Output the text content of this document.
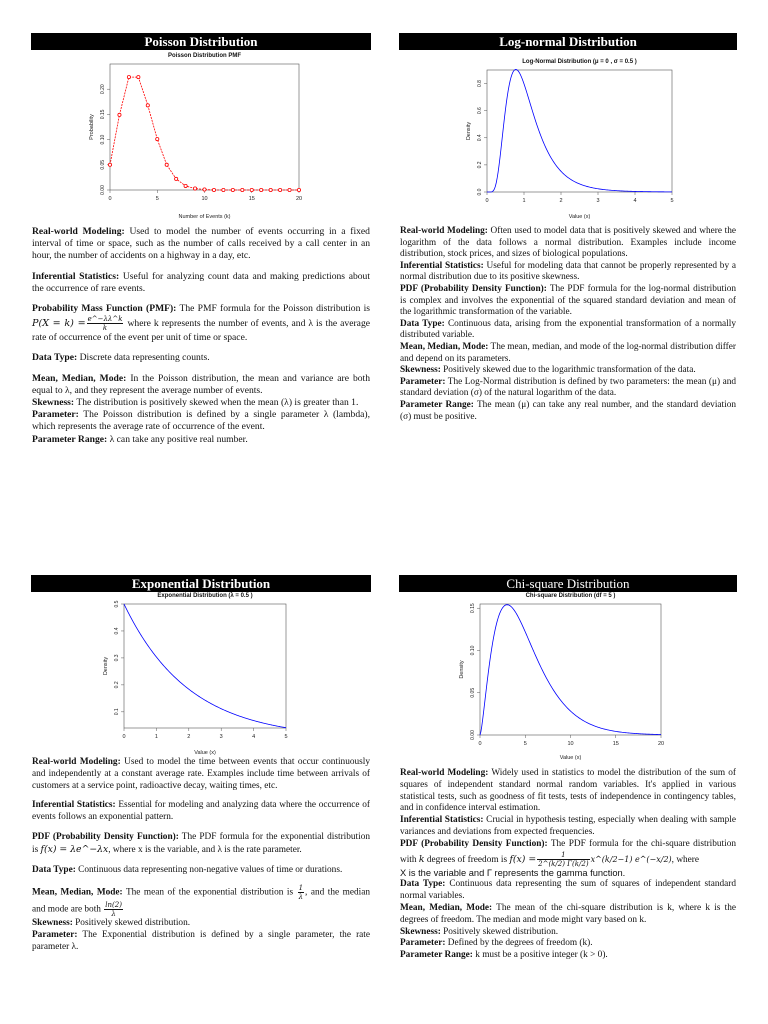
Poisson Distribution
Poisson Distribution PMF
0	5	10	15	20
0.00
0.05
0.10
0.15
0.20
Number of Events (k)
Probability

Real-world Modeling: Used to model the number of events occurring in a fixed interval of time or space, such as the number of calls received by a call center in an hour, the number of accidents on a highway in a day, etc.

Inferential Statistics: Useful for analyzing count data and making predictions about the occurrence of rare events.

Probability Mass Function (PMF): The PMF formula for the Poisson distribution is $P(X = k) = \frac{e\^{}-\lambda\lambda\^{}k}{k}$ where k represents the number of events, and λ is the average rate of occurrence of the event per unit of time or space.

Data Type: Discrete data representing counts.

Mean, Median, Mode: In the Poisson distribution, the mean and variance are both equal to λ, and they represent the average number of events.

Skewness: The distribution is positively skewed when the mean (λ) is greater than 1.

Parameter: The Poisson distribution is defined by a single parameter λ (lambda), which represents the average rate of occurrence of the event.

Parameter Range: λ can take any positive real number.

Log-normal Distribution
Log-Normal Distribution (μ = 0 , σ = 0.5 )
0	1	2	3	4	5
0.0
0.2
0.4
0.6
0.8
Value (x)
Density

Real-world Modeling: Often used to model data that is positively skewed and where the logarithm of the data follows a normal distribution. Examples include income distribution, stock prices, and sizes of biological populations.

Inferential Statistics: Useful for modeling data that cannot be properly represented by a normal distribution due to its positive skewness.

PDF (Probability Density Function): The PDF formula for the log-normal distribution is complex and involves the exponential of the squared standard deviation and mean of the logarithmic transformation of the variable.

Data Type: Continuous data, arising from the exponential transformation of a normally distributed variable.

Mean, Median, Mode: The mean, median, and mode of the log-normal distribution differ and depend on its parameters.

Skewness: Positively skewed due to the logarithmic transformation of the data.

Parameter: The Log-Normal distribution is defined by two parameters: the mean (μ) and standard deviation (σ) of the natural logarithm of the data.

Parameter Range: The mean (μ) can take any real number, and the standard deviation (σ) must be positive.

Exponential Distribution
Exponential Distribution (λ = 0.5 )
0	1	2	3	4	5
0.1
0.2
0.3
0.4
0.5
Value (x)
Density

Real-world Modeling: Used to model the time between events that occur continuously and independently at a constant average rate. Examples include time between arrivals of customers at a service point, radioactive decay, waiting times, etc.

Inferential Statistics: Essential for modeling and analyzing data where the occurrence of events follows an exponential pattern.

PDF (Probability Density Function): The PDF formula for the exponential distribution is f(x) = λe^−λx, where x is the variable, and λ is the rate parameter.

Data Type: Continuous data representing non-negative values of time or durations.

Mean, Median, Mode: The mean of the exponential distribution is $\frac{1}{\lambda}$ , and the median and mode are both $\frac{\ln(2)}{\lambda}$

Skewness: Positively skewed distribution.

Parameter: The Exponential distribution is defined by a single parameter, the rate parameter λ.

Chi-square Distribution
Chi-square Distribution (df = 5 )
0	5	10	15	20
0.00
0.05
0.10
0.15
Value (x)
Density

Real-world Modeling: Widely used in statistics to model the distribution of the sum of squares of independent standard normal random variables. It's applied in various statistical tests, such as goodness of fit tests, tests of independence in contingency tables, and in confidence interval estimation.

Inferential Statistics: Crucial in hypothesis testing, especially when dealing with sample variances and deviations from expected frequencies.

PDF (Probability Density Function): The PDF formula for the chi-square distribution with k degrees of freedom is $f(x) = \frac{1}{2\^{}(k/2) \Gamma(k/2)}$ x^(k/2−1) e^(−x/2), where

X is the variable and Γ represents the gamma function.

Data Type: Continuous data representing the sum of squares of independent standard normal variables.

Mean, Median, Mode: The mean of the chi-square distribution is k, where k is the degrees of freedom. The median and mode might vary based on k.

Skewness: Positively skewed distribution.

Parameter: Defined by the degrees of freedom (k).

Parameter Range: k must be a positive integer (k > 0).
